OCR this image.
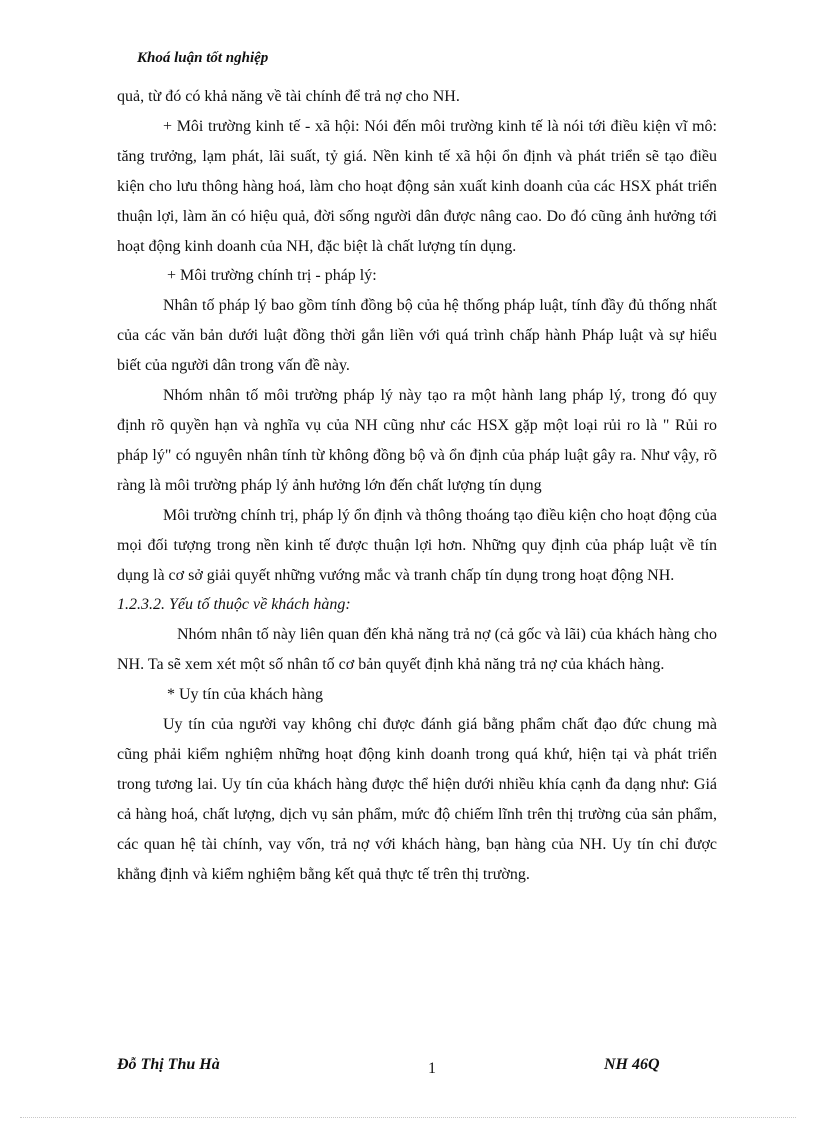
Khoá luận tốt nghiệp

quả, từ đó có khả năng về tài chính để trả nợ cho NH.

+ Môi trường kinh tế - xã hội: Nói đến môi trường kinh tế là nói tới điều kiện vĩ mô: tăng trưởng, lạm phát, lãi suất, tỷ giá. Nền kinh tế xã hội ổn định và phát triển sẽ tạo điều kiện cho lưu thông hàng hoá, làm cho hoạt động sản xuất kinh doanh của các HSX phát triển thuận lợi, làm ăn có hiệu quả, đời sống người dân được nâng cao. Do đó cũng ảnh hưởng tới hoạt động kinh doanh của NH, đặc biệt là chất lượng tín dụng.

+ Môi trường chính trị - pháp lý:

Nhân tố pháp lý bao gồm tính đồng bộ của hệ thống pháp luật, tính đầy đủ thống nhất của các văn bản dưới luật đồng thời gắn liền với quá trình chấp hành Pháp luật và sự hiểu biết của người dân trong vấn đề này.

Nhóm nhân tố môi trường pháp lý này tạo ra một hành lang pháp lý, trong đó quy định rõ quyền hạn và nghĩa vụ của NH cũng như các HSX gặp một loại rủi ro là " Rủi ro pháp lý" có nguyên nhân tính từ không đồng bộ và ổn định của pháp luật gây ra. Như vậy, rõ ràng là môi trường pháp lý ảnh hưởng lớn đến chất lượng tín dụng

Môi trường chính trị, pháp lý ổn định và thông thoáng tạo điều kiện cho hoạt động của mọi đối tượng trong nền kinh tế được thuận lợi hơn. Những quy định của pháp luật về tín dụng là cơ sở giải quyết những vướng mắc và tranh chấp tín dụng trong hoạt động NH.

1.2.3.2. Yếu tố thuộc về khách hàng:

Nhóm nhân tố này liên quan đến khả năng trả nợ (cả gốc và lãi) của khách hàng cho NH. Ta sẽ xem xét một số nhân tố cơ bản quyết định khả năng trả nợ của khách hàng.

* Uy tín của khách hàng

Uy tín của người vay không chỉ được đánh giá bằng phẩm chất đạo đức chung mà cũng phải kiểm nghiệm những hoạt động kinh doanh trong quá khứ, hiện tại và phát triển trong tương lai. Uy tín của khách hàng được thể hiện dưới nhiều khía cạnh đa dạng như: Giá cả hàng hoá, chất lượng, dịch vụ sản phẩm, mức độ chiếm lĩnh trên thị trường của sản phẩm, các quan hệ tài chính, vay vốn, trả nợ với khách hàng, bạn hàng của NH. Uy tín chỉ được khẳng định và kiểm nghiệm bằng kết quả thực tế trên thị trường.

Đỗ Thị Thu Hà	1	NH 46Q
